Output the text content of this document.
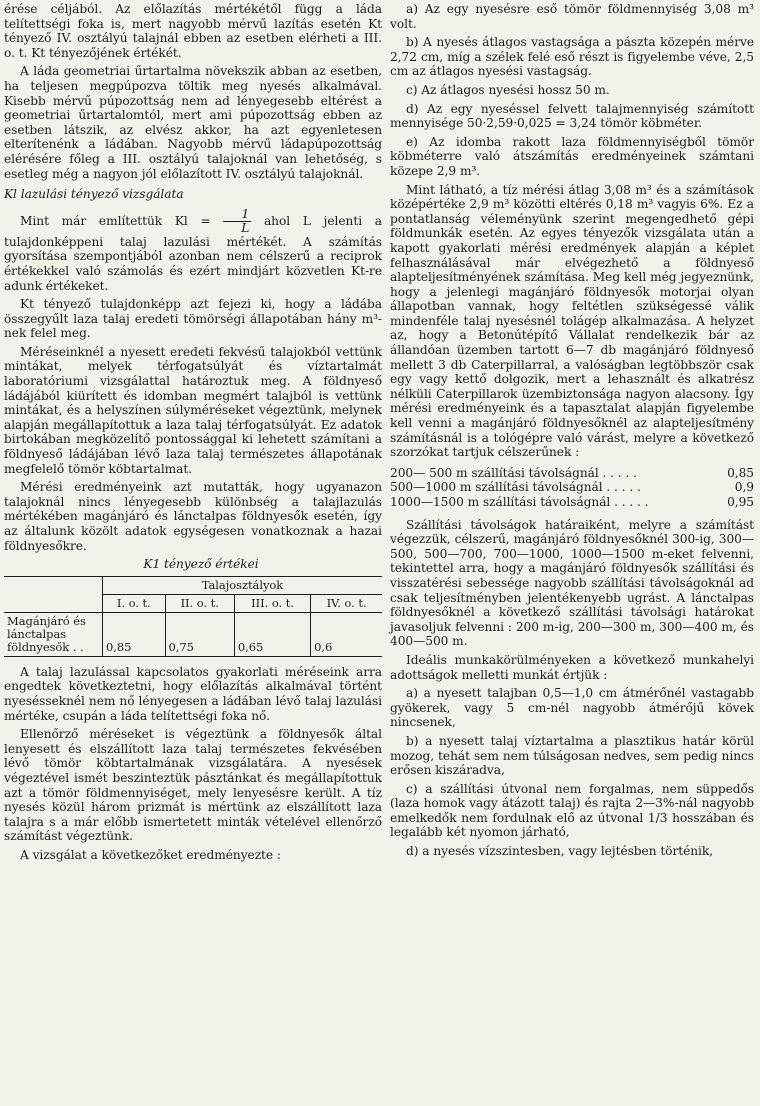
érése céljából. Az előlazítás mértékétől függ a láda telítettségi foka is, mert nagyobb mérvű lazítás esetén Kt tényező IV. osztályú talajnál ebben az esetben elérheti a III. o. t. Kt tényezőjének értékét.

A láda geometriai űrtartalma növekszik abban az esetben, ha teljesen megpúpozva töltik meg nyesés alkalmával. Kisebb mérvű púpozottság nem ad lényegesebb eltérést a geometriai űrtartalomtól, mert ami púpozottság ebben az esetben látszik, az elvész akkor, ha azt egyenletesen elterítenénk a ládában. Nagyobb mérvű ládapúpozottság elérésére főleg a III. osztályú talajoknál van lehetőség, s esetleg még a nagyon jól előlazított IV. osztályú talajoknál.

Kl lazulási tényező vizsgálata

Mint már említettük $Kl = \frac{1}{L}$ ahol L jelenti a tulajdonképpeni talaj lazulási mértékét. A számítás gyorsítása szempontjából azonban nem célszerű a reciprok értékekkel való számolás és ezért mindjárt közvetlen Kt-re adunk értékeket.

Kt tényező tulajdonképp azt fejezi ki, hogy a ládába összegyűlt laza talaj eredeti tömörségi állapotában hány m³-nek felel meg.

Méréseinknél a nyesett eredeti fekvésű talajokból vettünk mintákat, melyek térfogatsúlyát és víztartalmát laboratóriumi vizsgálattal határoztuk meg. A földnyeső ládájából kiürített és idomban megmért talajból is vettünk mintákat, és a helyszínen súlyméréseket végeztünk, melynek alapján megállapítottuk a laza talaj térfogatsúlyát. Ez adatok birtokában megközelítő pontossággal ki lehetett számítani a földnyeső ládájában lévő laza talaj természetes állapotának megfelelő tömör köbtartalmat.

Mérési eredményeink azt mutatták, hogy ugyanazon talajoknál nincs lényegesebb különbség a talajlazulás mértékében magánjáró és lánctalpas földnyesők esetén, így az általunk közölt adatok egységesen vonatkoznak a hazai földnyesőkre.

K1 tényező értékei

	Talajosztályok			
	I. o. t.	II. o. t.	III. o. t.	IV. o. t.
Magánjáró és lánctalpas földnyesők . .	0,85	0,75	0,65	0,6

A talaj lazulással kapcsolatos gyakorlati méréseink arra engedtek következtetni, hogy előlazítás alkalmával történt nyesésseknél nem nő lényegesen a ládában lévő talaj lazulási mértéke, csupán a láda telítettségi foka nő.

Ellenőrző méréseket is végeztünk a földnyesők által lenyesett és elszállított laza talaj természetes fekvésében lévő tömör köbtartalmának vizsgálatára. A nyesések végeztével ismét beszinteztük pásztánkat és megállapítottuk azt a tömör földmennyiséget, mely lenyesésre került. A tíz nyesés közül három prizmát is mértünk az elszállított laza talajra s a már előbb ismertetett minták vételével ellenőrző számítást végeztünk.

A vizsgálat a következőket eredményezte :

a) Az egy nyesésre eső tömör földmennyiség 3,08 m³ volt.

b) A nyesés átlagos vastagsága a pászta közepén mérve 2,72 cm, míg a szélek felé eső részt is figyelembe véve, 2,5 cm az átlagos nyesési vastagság.

c) Az átlagos nyesési hossz 50 m.

d) Az egy nyeséssel felvett talajmennyiség számított mennyisége 50·2,59·0,025 = 3,24 tömör köbméter.

e) Az idomba rakott laza földmennyiségből tömör köbméterre való átszámítás eredményeinek számtani közepe 2,9 m³.

Mint látható, a tíz mérési átlag 3,08 m³ és a számítások középértéke 2,9 m³ közötti eltérés 0,18 m³ vagyis 6%. Ez a pontatlanság véleményünk szerint megengedhető gépi földmunkák esetén. Az egyes tényezők vizsgálata után a kapott gyakorlati mérési eredmények alapján a képlet felhasználásával már elvégezhető a földnyeső alapteljesítményének számítása. Meg kell még jegyeznünk, hogy a jelenlegi magánjáró földnyesők motorjai olyan állapotban vannak, hogy feltétlen szükségessé válik mindenféle talaj nyesésnél tolágép alkalmazása. A helyzet az, hogy a Betonútépítő Vállalat rendelkezik bár az állandóan üzemben tartott 6—7 db magánjáró földnyeső mellett 3 db Caterpillarral, a valóságban legtöbbször csak egy vagy kettő dolgozik, mert a lehasznált és alkatrész nélküli Caterpillarok üzembiztonsága nagyon alacsony. Így mérési eredményeink és a tapasztalat alapján figyelembe kell venni a magánjáró földnyesőknél az alapteljesítmény számításnál is a tológépre való várást, melyre a következő szorzókat tartjuk célszerűnek :

200— 500 m szállítási távolságnál . . . . .	0,85
500—1000 m szállítási távolságnál . . . . .	0,9
1000—1500 m szállítási távolságnál . . . . .	0,95

Szállítási távolságok határaiként, melyre a számítást végezzük, célszerű, magánjáró földnyesőknél 300-ig, 300—500, 500—700, 700—1000, 1000—1500 m-eket felvenni, tekintettel arra, hogy a magánjáró földnyesők szállítási és visszatérési sebessége nagyobb szállítási távolságoknál ad csak teljesítményben jelentékenyebb ugrást. A lánctalpas földnyesőknél a következő szállítási távolsági határokat javasoljuk felvenni : 200 m-ig, 200—300 m, 300—400 m, és 400—500 m.

Ideális munkakörülményeken a következő munkahelyi adottságok melletti munkát értjük :

a) a nyesett talajban 0,5—1,0 cm átmérőnél vastagabb gyökerek, vagy 5 cm-nél nagyobb átmérőjű kövek nincsenek,

b) a nyesett talaj víztartalma a plasztikus határ körül mozog, tehát sem nem túlságosan nedves, sem pedig nincs erősen kiszáradva,

c) a szállítási útvonal nem forgalmas, nem süppedős (laza homok vagy átázott talaj) és rajta 2—3%-nál nagyobb emelkedők nem fordulnak elő az útvonal 1/3 hosszában és legalább két nyomon járható,

d) a nyesés vízszintesben, vagy lejtésben történik,
